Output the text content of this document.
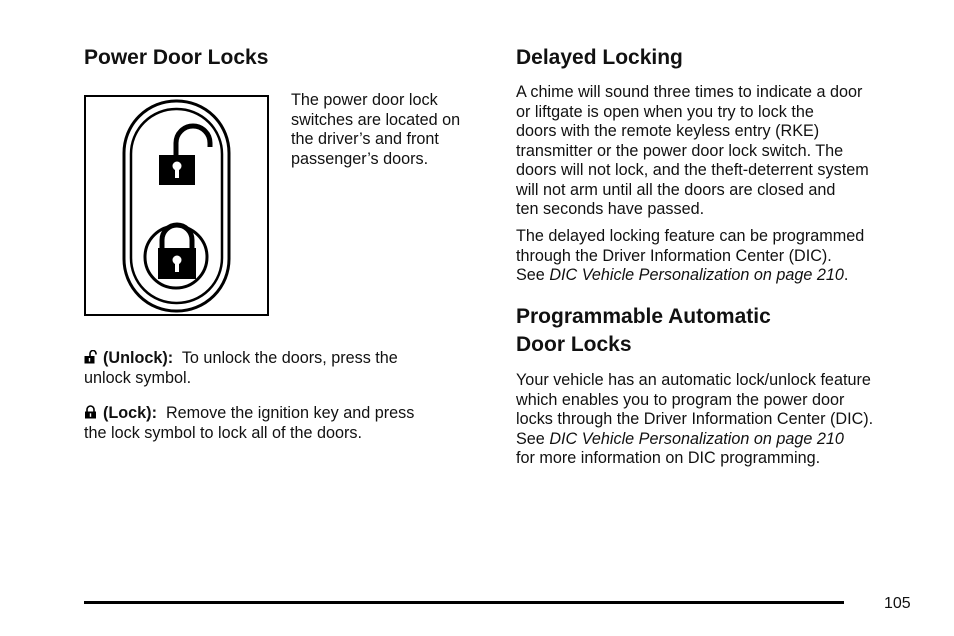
Power Door Locks
The power door lock
switches are located on
the driver’s and front
passenger’s doors.
(Unlock): To unlock the doors, press the
unlock symbol.
(Lock): Remove the ignition key and press
the lock symbol to lock all of the doors.
Delayed Locking
A chime will sound three times to indicate a door
or liftgate is open when you try to lock the
doors with the remote keyless entry (RKE)
transmitter or the power door lock switch. The
doors will not lock, and the theft-deterrent system
will not arm until all the doors are closed and
ten seconds have passed.
The delayed locking feature can be programmed
through the Driver Information Center (DIC).
See DIC Vehicle Personalization on page 210.
Programmable Automatic
Door Locks
Your vehicle has an automatic lock/unlock feature
which enables you to program the power door
locks through the Driver Information Center (DIC).
See DIC Vehicle Personalization on page 210
for more information on DIC programming.
105
